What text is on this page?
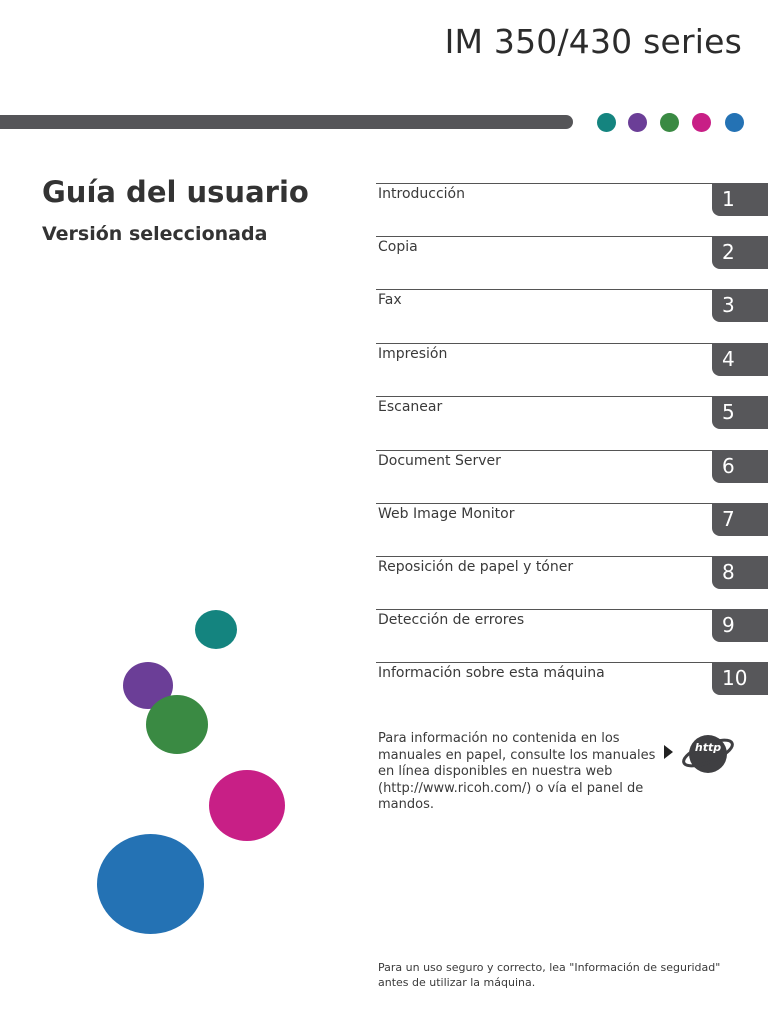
IM 350/430 series
Guía del usuario
Versión seleccionada
Introducción	1
Copia	2
Fax	3
Impresión	4
Escanear	5
Document Server	6
Web Image Monitor	7
Reposición de papel y tóner	8
Detección de errores	9
Información sobre esta máquina	10
Para información no contenida en los
manuales en papel, consulte los manuales
en línea disponibles en nuestra web
(http://www.ricoh.com/) o vía el panel de
mandos.
http
Para un uso seguro y correcto, lea "Información de seguridad"
antes de utilizar la máquina.
